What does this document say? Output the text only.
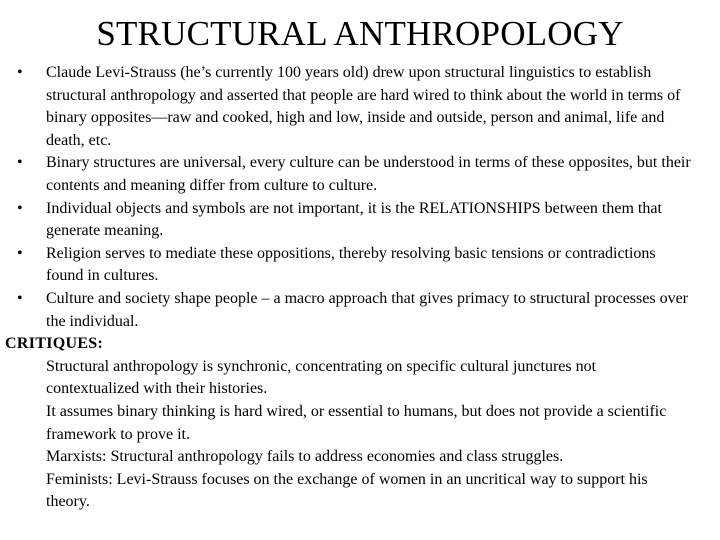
STRUCTURAL ANTHROPOLOGY
• Claude Levi-Strauss (he’s currently 100 years old) drew upon structural linguistics to establish structural anthropology and asserted that people are hard wired to think about the world in terms of binary opposites—raw and cooked, high and low, inside and outside, person and animal, life and death, etc.
• Binary structures are universal, every culture can be understood in terms of these opposites, but their contents and meaning differ from culture to culture.
• Individual objects and symbols are not important, it is the RELATIONSHIPS between them that generate meaning.
• Religion serves to mediate these oppositions, thereby resolving basic tensions or contradictions found in cultures.
• Culture and society shape people – a macro approach that gives primacy to structural processes over the individual.
CRITIQUES:
Structural anthropology is synchronic, concentrating on specific cultural junctures not contextualized with their histories.
It assumes binary thinking is hard wired, or essential to humans, but does not provide a scientific framework to prove it.
Marxists: Structural anthropology fails to address economies and class struggles.
Feminists: Levi-Strauss focuses on the exchange of women in an uncritical way to support his theory.
